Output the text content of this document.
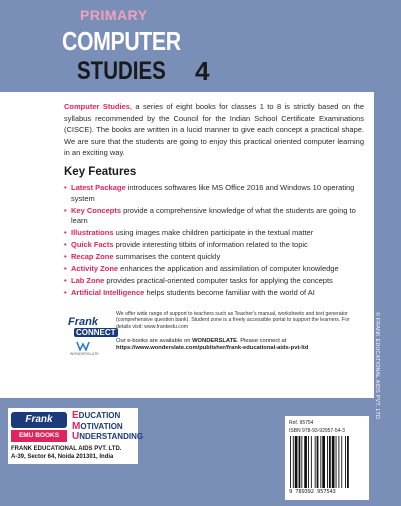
PRIMARY
COMPUTER
STUDIES 4

Computer Studies, a series of eight books for classes 1 to 8 is strictly based on the syllabus recommended by the Council for the Indian School Certificate Examinations (CISCE). The books are written in a lucid manner to give each concept a practical shape. We are sure that the students are going to enjoy this practical oriented computer learning in an exciting way.

Key Features
• Latest Package introduces softwares like MS Office 2016 and Windows 10 operating system
• Key Concepts provide a comprehensive knowledge of what the students are going to learn
• Illustrations using images make children participate in the textual matter
• Quick Facts provide interesting titbits of information related to the topic
• Recap Zone summarises the content quickly
• Activity Zone enhances the application and assimilation of computer knowledge
• Lab Zone provides practical-oriented computer tasks for applying the concepts
• Artificial Intelligence helps students become familiar with the world of AI
Frank
CONNECT
WONDERSLATE

We offer wide range of support to teachers such as Teacher's manual, worksheets and test generator (comprehensive question bank). Student zone is a freely accessible portal to support the learners. For details visit: www.frankedu.com

Our e-books are available on WONDERSLATE. Please connect at
https://www.wonderslate.com/publisher/frank-educational-aids-pvt-ltd	© FRANK EDUCATIONAL AIDS PVT. LTD.
Frank
EMU BOOKS
EDUCATION
MOTIVATION
UNDERSTANDING
FRANK EDUCATIONAL AIDS PVT. LTD.
A-39, Sector 64, Noida 201301, India
Ref. 95754
ISBN 978-93-92957-54-3
9 789392 957543
